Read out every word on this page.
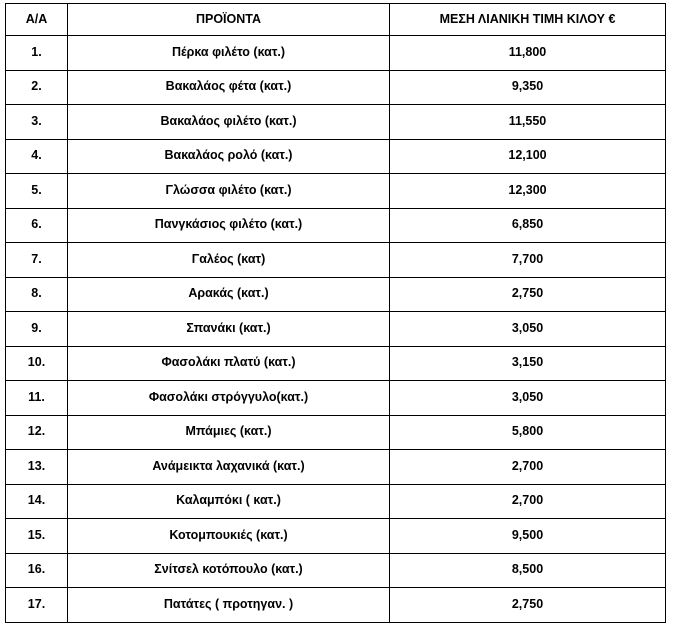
Α/Α	ΠΡΟΪΟΝΤΑ	ΜΕΣΗ ΛΙΑΝΙΚΗ ΤΙΜΗ ΚΙΛΟΥ €
1.	Πέρκα φιλέτο (κατ.)	11,800
2.	Βακαλάος φέτα (κατ.)	9,350
3.	Βακαλάος φιλέτο (κατ.)	11,550
4.	Βακαλάος ρολό (κατ.)	12,100
5.	Γλώσσα φιλέτο (κατ.)	12,300
6.	Πανγκάσιος φιλέτο (κατ.)	6,850
7.	Γαλέος (κατ)	7,700
8.	Αρακάς (κατ.)	2,750
9.	Σπανάκι (κατ.)	3,050
10.	Φασολάκι πλατύ (κατ.)	3,150
11.	Φασολάκι στρόγγυλο(κατ.)	3,050
12.	Μπάμιες (κατ.)	5,800
13.	Ανάμεικτα λαχανικά (κατ.)	2,700
14.	Καλαμπόκι ( κατ.)	2,700
15.	Κοτομπουκιές (κατ.)	9,500
16.	Σνίτσελ κοτόπουλο (κατ.)	8,500
17.	Πατάτες ( προτηγαν. )	2,750
